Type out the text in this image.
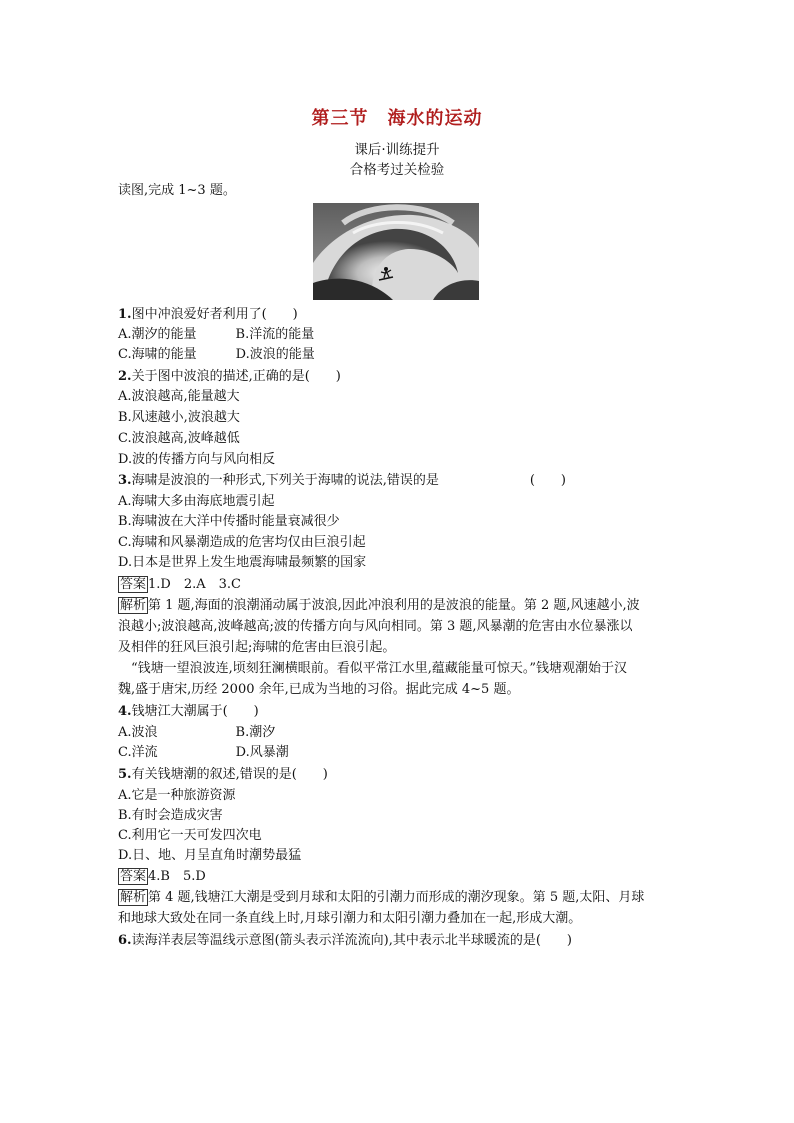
第三节　海水的运动
课后·训练提升
合格考过关检验
读图,完成 1~3 题。
1.图中冲浪爱好者利用了(　　)
A.潮汐的能量　　　B.洋流的能量
C.海啸的能量　　　D.波浪的能量
2.关于图中波浪的描述,正确的是(　　)
A.波浪越高,能量越大
B.风速越小,波浪越大
C.波浪越高,波峰越低
D.波的传播方向与风向相反
3.海啸是波浪的一种形式,下列关于海啸的说法,错误的是　　　　　　　(　　)
A.海啸大多由海底地震引起
B.海啸波在大洋中传播时能量衰减很少
C.海啸和风暴潮造成的危害均仅由巨浪引起
D.日本是世界上发生地震海啸最频繁的国家
答案 1.D　2.A　3.C
解析 第 1 题,海面的浪潮涌动属于波浪,因此冲浪利用的是波浪的能量。第 2 题,风速越小,波
浪越小;波浪越高,波峰越高;波的传播方向与风向相同。第 3 题,风暴潮的危害由水位暴涨以
及相伴的狂风巨浪引起;海啸的危害由巨浪引起。
　“钱塘一望浪波连,顷刻狂澜横眼前。看似平常江水里,蕴藏能量可惊天。”钱塘观潮始于汉
魏,盛于唐宋,历经 2000 余年,已成为当地的习俗。据此完成 4~5 题。
4.钱塘江大潮属于(　　)
A.波浪　　　　　　B.潮汐
C.洋流　　　　　　D.风暴潮
5.有关钱塘潮的叙述,错误的是(　　)
A.它是一种旅游资源
B.有时会造成灾害
C.利用它一天可发四次电
D.日、地、月呈直角时潮势最猛
答案 4.B　5.D
解析 第 4 题,钱塘江大潮是受到月球和太阳的引潮力而形成的潮汐现象。第 5 题,太阳、月球
和地球大致处在同一条直线上时,月球引潮力和太阳引潮力叠加在一起,形成大潮。
6.读海洋表层等温线示意图(箭头表示洋流流向),其中表示北半球暖流的是(　　)
